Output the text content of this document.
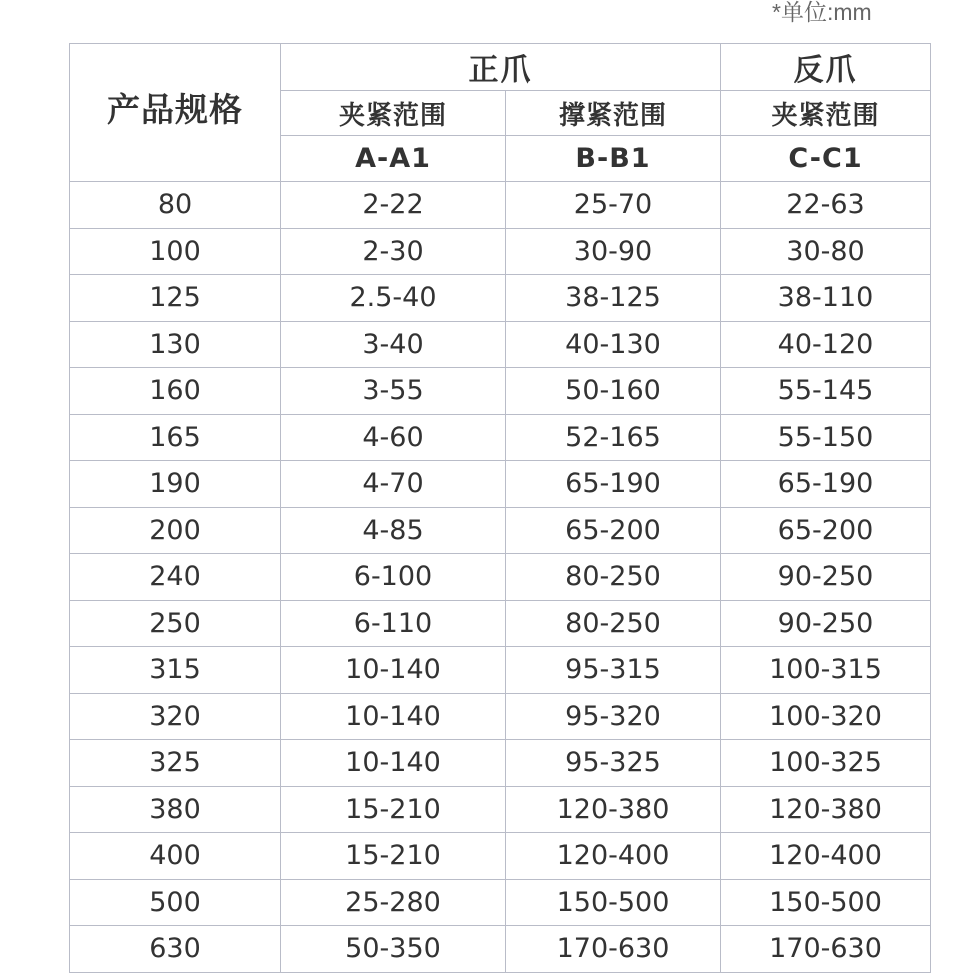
*单位:mm
产品规格	正爪		反爪
	夹紧范围	撑紧范围	夹紧范围
	A-A1	B-B1	C-C1
80	2-22	25-70	22-63
100	2-30	30-90	30-80
125	2.5-40	38-125	38-110
130	3-40	40-130	40-120
160	3-55	50-160	55-145
165	4-60	52-165	55-150
190	4-70	65-190	65-190
200	4-85	65-200	65-200
240	6-100	80-250	90-250
250	6-110	80-250	90-250
315	10-140	95-315	100-315
320	10-140	95-320	100-320
325	10-140	95-325	100-325
380	15-210	120-380	120-380
400	15-210	120-400	120-400
500	25-280	150-500	150-500
630	50-350	170-630	170-630
